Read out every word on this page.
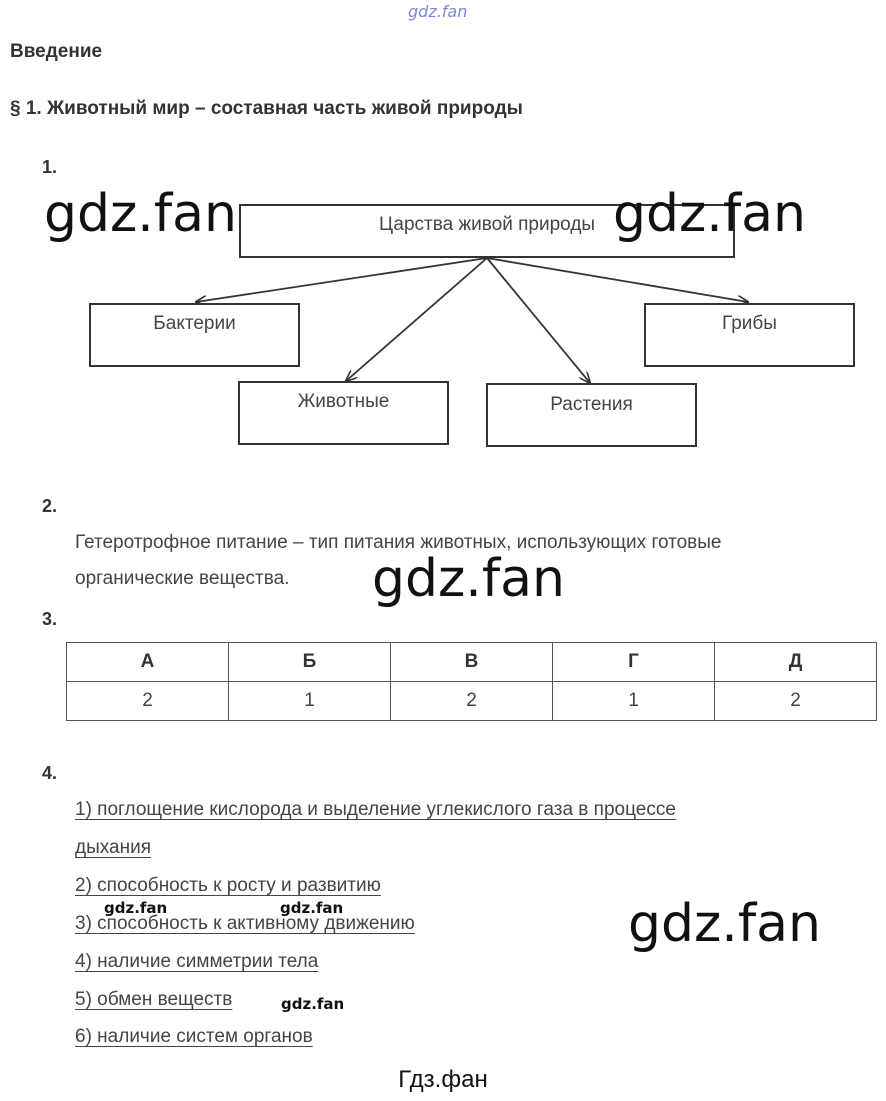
gdz.fan
Введение
§ 1. Животный мир – составная часть живой природы
1.
Царства живой природы
Бактерии	Грибы
Животные	Растения
2.
Гетеротрофное питание – тип питания животных, использующих готовые
органические вещества.
3.
А	Б	В	Г	Д
2	1	2	1	2
4.
1) поглощение кислорода и выделение углекислого газа в процессе
дыхания
2) способность к росту и развитию
3) способность к активному движению
4) наличие симметрии тела
5) обмен веществ
6) наличие систем органов
gdz.fan	gdz.fan
gdz.fan
gdz.fan
gdz.fan	gdz.fan
gdz.fan
Гдз.фан
